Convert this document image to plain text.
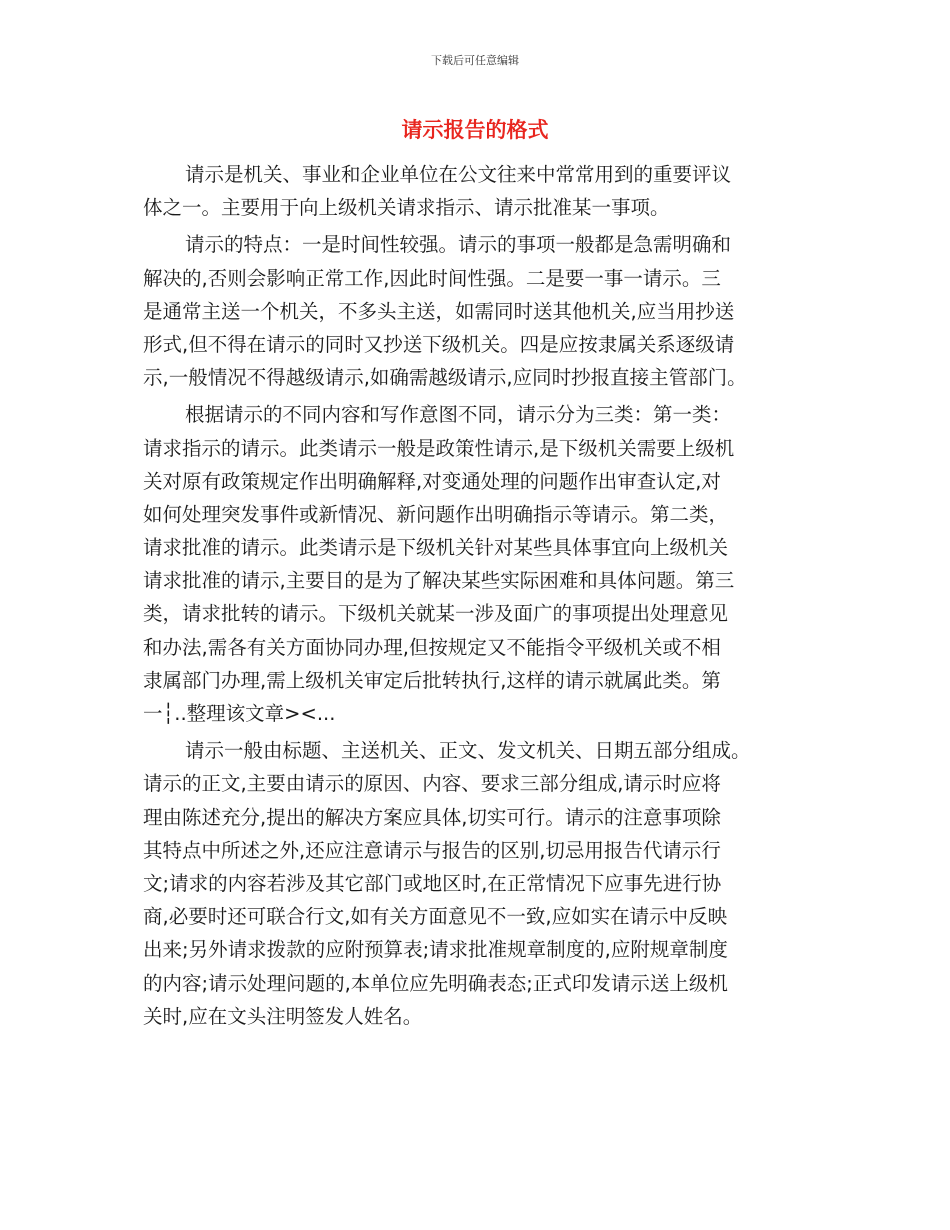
下载后可任意编辑
请示报告的格式
请示是机关、事业和企业单位在公文往来中常常用到的重要评议
体之一。主要用于向上级机关请求指示、请示批准某一事项。
请示的特点：一是时间性较强。请示的事项一般都是急需明确和
解决的,否则会影响正常工作,因此时间性强。二是要一事一请示。三
是通常主送一个机关，不多头主送，如需同时送其他机关,应当用抄送
形式,但不得在请示的同时又抄送下级机关。四是应按隶属关系逐级请
示,一般情况不得越级请示,如确需越级请示,应同时抄报直接主管部门。
根据请示的不同内容和写作意图不同，请示分为三类：第一类：
请求指示的请示。此类请示一般是政策性请示,是下级机关需要上级机
关对原有政策规定作出明确解释,对变通处理的问题作出审查认定,对
如何处理突发事件或新情况、新问题作出明确指示等请示。第二类，
请求批准的请示。此类请示是下级机关针对某些具体事宜向上级机关
请求批准的请示,主要目的是为了解决某些实际困难和具体问题。第三
类，请求批转的请示。下级机关就某一涉及面广的事项提出处理意见
和办法,需各有关方面协同办理,但按规定又不能指令平级机关或不相
隶属部门办理,需上级机关审定后批转执行,这样的请示就属此类。第
一┆..整理该文章><...
请示一般由标题、主送机关、正文、发文机关、日期五部分组成。
请示的正文,主要由请示的原因、内容、要求三部分组成,请示时应将
理由陈述充分,提出的解决方案应具体,切实可行。请示的注意事项除
其特点中所述之外,还应注意请示与报告的区别,切忌用报告代请示行
文;请求的内容若涉及其它部门或地区时,在正常情况下应事先进行协
商,必要时还可联合行文,如有关方面意见不一致,应如实在请示中反映
出来;另外请求拨款的应附预算表;请求批准规章制度的,应附规章制度
的内容;请示处理问题的,本单位应先明确表态;正式印发请示送上级机
关时,应在文头注明签发人姓名。
